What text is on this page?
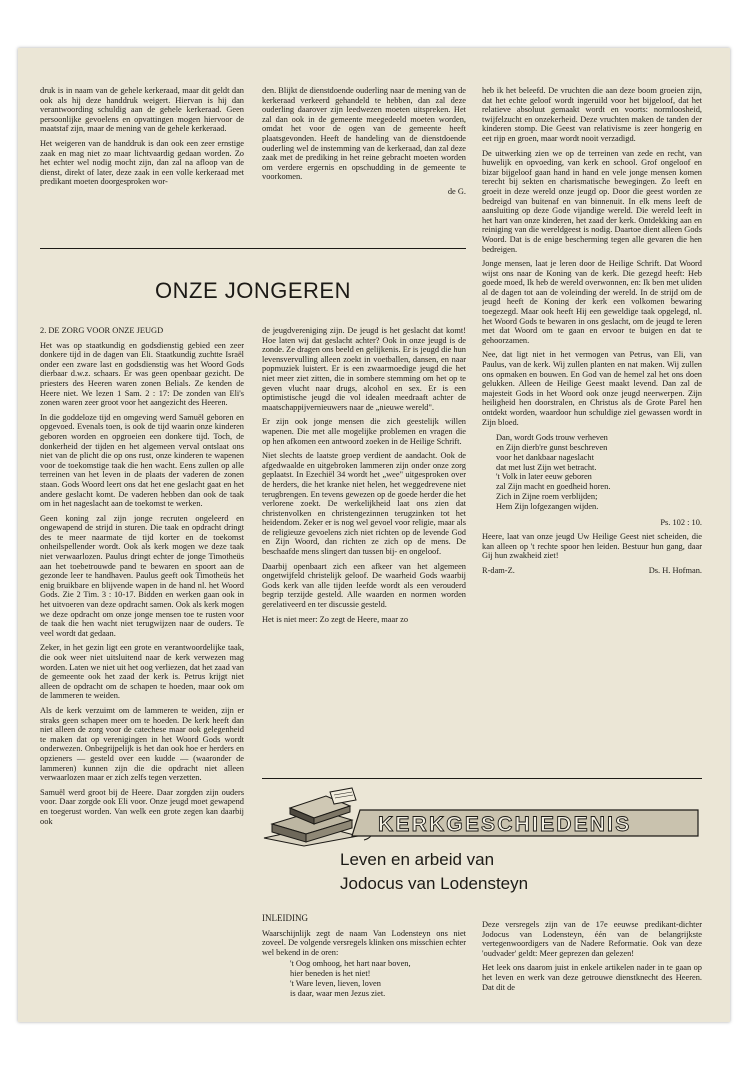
druk is in naam van de gehele kerkeraad, maar dit geldt dan ook als hij deze handdruk weigert. Hiervan is hij dan verantwoording schuldig aan de gehele kerkeraad. Geen persoonlijke gevoelens en opvattingen mogen hiervoor de maatstaf zijn, maar de mening van de gehele kerkeraad.

Het weigeren van de handdruk is dan ook een zeer ernstige zaak en mag niet zo maar lichtvaardig gedaan worden. Zo het echter wel nodig mocht zijn, dan zal na afloop van de dienst, direkt of later, deze zaak in een volle kerkeraad met predikant moeten doorgesproken wor-

den. Blijkt de dienstdoende ouderling naar de mening van de kerkeraad verkeerd gehandeld te hebben, dan zal deze ouderling daarover zijn leedwezen moeten uitspreken. Het zal dan ook in de gemeente meegedeeld moeten worden, omdat het voor de ogen van de gemeente heeft plaatsgevonden. Heeft de handeling van de dienstdoende ouderling wel de instemming van de kerkeraad, dan zal deze zaak met de prediking in het reine gebracht moeten worden om verdere ergernis en opschudding in de gemeente te voorkomen.

de G.

ONZE JONGEREN

heb ik het beleefd. De vruchten die aan deze boom groeien zijn, dat het echte geloof wordt ingeruild voor het bijgeloof, dat het relatieve absoluut gemaakt wordt en voorts: normloosheid, twijfelzucht en onzekerheid. Deze vruchten maken de tanden der kinderen stomp. Die Geest van relativisme is zeer hongerig en eet rijp en groen, maar wordt nooit verzadigd.

De uitwerking zien we op de terreinen van zede en recht, van huwelijk en opvoeding, van kerk en school. Grof ongeloof en bizar bijgeloof gaan hand in hand en vele jonge mensen komen terecht bij sekten en charismatische bewegingen. Zo leeft en groeit in deze wereld onze jeugd op. Door die geest worden ze bedreigd van buitenaf en van binnenuit. In elk mens leeft de aansluiting op deze Gode vijandige wereld. Die wereld leeft in het hart van onze kinderen, het zaad der kerk. Ontdekking aan en reiniging van die wereldgeest is nodig. Daartoe dient alleen Gods Woord. Dat is de enige bescherming tegen alle gevaren die hen bedreigen.

Jonge mensen, laat je leren door de Heilige Schrift. Dat Woord wijst ons naar de Koning van de kerk. Die gezegd heeft: Heb goede moed, Ik heb de wereld overwonnen, en: Ik ben met uliden al de dagen tot aan de voleinding der wereld. In de strijd om de jeugd heeft de Koning der kerk een volkomen bewaring toegezegd. Maar ook heeft Hij een geweldige taak opgelegd, nl. het Woord Gods te bewaren in ons geslacht, om de jeugd te leren met dat Woord om te gaan en ervoor te buigen en dat te gehoorzamen.

Nee, dat ligt niet in het vermogen van Petrus, van Eli, van Paulus, van de kerk. Wij zullen planten en nat maken. Wij zullen ons opmaken en bouwen. En God van de hemel zal het ons doen gelukken. Alleen de Heilige Geest maakt levend. Dan zal de majesteit Gods in het Woord ook onze jeugd neerwerpen. Zijn heiligheid hen doorstralen, en Christus als de Grote Parel hen ontdekt worden, waardoor hun schuldige ziel gewassen wordt in Zijn bloed.

Dan, wordt Gods trouw verheven
en Zijn dierb're gunst beschreven
voor het dankbaar nageslacht
dat met lust Zijn wet betracht.
't Volk in later eeuw geboren
zal Zijn macht en goedheid horen.
Zich in Zijne roem verblijden;
Hem Zijn lofgezangen wijden.

Ps. 102 : 10.

Heere, laat van onze jeugd Uw Heilige Geest niet scheiden, die kan alleen op 't rechte spoor hen leiden. Bestuur hun gang, daar Gij hun zwakheid ziet!

R-dam-Z.	Ds. H. Hofman.

2. DE ZORG VOOR ONZE JEUGD

Het was op staatkundig en godsdienstig gebied een zeer donkere tijd in de dagen van Eli. Staatkundig zuchtte Israël onder een zware last en godsdienstig was het Woord Gods dierbaar d.w.z. schaars. Er was geen openbaar gezicht. De priesters des Heeren waren zonen Belials. Ze kenden de Heere niet. We lezen 1 Sam. 2 : 17: De zonden van Eli's zonen waren zeer groot voor het aangezicht des Heeren.

In die goddeloze tijd en omgeving werd Samuël geboren en opgevoed. Evenals toen, is ook de tijd waarin onze kinderen geboren worden en opgroeien een donkere tijd. Toch, de donkerheid der tijden en het algemeen verval ontslaat ons niet van de plicht die op ons rust, onze kinderen te wapenen voor de toekomstige taak die hen wacht. Eens zullen op alle terreinen van het leven in de plaats der vaderen de zonen staan. Gods Woord leert ons dat het ene geslacht gaat en het andere geslacht komt. De vaderen hebben dan ook de taak om in het nageslacht aan de toekomst te werken.

Geen koning zal zijn jonge recruten ongeleerd en ongewapend de strijd in sturen. Die taak en opdracht dringt des te meer naarmate de tijd korter en de toekomst onheilspellender wordt. Ook als kerk mogen we deze taak niet verwaarlozen. Paulus dringt echter de jonge Timotheüs aan het toebetrouwde pand te bewaren en spoort aan de gezonde leer te handhaven. Paulus geeft ook Timotheüs het enig bruikbare en blijvende wapen in de hand nl. het Woord Gods. Zie 2 Tim. 3 : 10-17. Bidden en werken gaan ook in het uitvoeren van deze opdracht samen. Ook als kerk mogen we deze opdracht om onze jonge mensen toe te rusten voor de taak die hen wacht niet terugwijzen naar de ouders. Te veel wordt dat gedaan.

Zeker, in het gezin ligt een grote en verantwoordelijke taak, die ook weer niet uitsluitend naar de kerk verwezen mag worden. Laten we niet uit het oog verliezen, dat het zaad van de gemeente ook het zaad der kerk is. Petrus krijgt niet alleen de opdracht om de schapen te hoeden, maar ook om de lammeren te weiden.

Als de kerk verzuimt om de lammeren te weiden, zijn er straks geen schapen meer om te hoeden. De kerk heeft dan niet alleen de zorg voor de catechese maar ook gelegenheid te maken dat op verenigingen in het Woord Gods wordt onderwezen. Onbegrijpelijk is het dan ook hoe er herders en opzieners — gesteld over een kudde — (waaronder de lammeren) kunnen zijn die die opdracht niet alleen verwaarlozen maar er zich zelfs tegen verzetten.

Samuël werd groot bij de Heere. Daar zorgden zijn ouders voor. Daar zorgde ook Eli voor. Onze jeugd moet gewapend en toegerust worden. Van welk een grote zegen kan daarbij ook

de jeugdvereniging zijn. De jeugd is het geslacht dat komt! Hoe laten wij dat geslacht achter? Ook in onze jeugd is de zonde. Ze dragen ons beeld en gelijkenis. Er is jeugd die hun levensvervulling alleen zoekt in voetballen, dansen, en naar popmuziek luistert. Er is een zwaarmoedige jeugd die het niet meer ziet zitten, die in sombere stemming om het op te geven vlucht naar drugs, alcohol en sex. Er is een optimistische jeugd die vol idealen meedraaft achter de maatschappijvernieuwers naar de „nieuwe wereld".

Er zijn ook jonge mensen die zich geestelijk willen wapenen. Die met alle mogelijke problemen en vragen die op hen afkomen een antwoord zoeken in de Heilige Schrift.

Niet slechts de laatste groep verdient de aandacht. Ook de afgedwaalde en uitgebroken lammeren zijn onder onze zorg geplaatst. In Ezechiël 34 wordt het „wee" uitgesproken over de herders, die het kranke niet helen, het weggedrevene niet terugbrengen. En tevens gewezen op de goede herder die het verlorene zoekt. De werkelijkheid laat ons zien dat christenvolken en christengezinnen terugzinken tot het heidendom. Zeker er is nog wel gevoel voor religie, maar als de religieuze gevoelens zich niet richten op de levende God en Zijn Woord, dan richten ze zich op de mens. De beschaafde mens slingert dan tussen bij- en ongeloof.

Daarbij openbaart zich een afkeer van het algemeen ongetwijfeld christelijk geloof. De waarheid Gods waarbij Gods kerk van alle tijden leefde wordt als een verouderd begrip terzijde gesteld. Alle waarden en normen worden gerelativeerd en ter discussie gesteld.

Het is niet meer: Zo zegt de Heere, maar zo

KERKGESCHIEDENIS
Leven en arbeid van
Jodocus van Lodensteyn

INLEIDING

Waarschijnlijk zegt de naam Van Lodensteyn ons niet zoveel. De volgende versregels klinken ons misschien echter wel bekend in de oren:

't Oog omhoog, het hart naar boven,
hier beneden is het niet!
't Ware leven, lieven, loven
is daar, waar men Jezus ziet.

Deze versregels zijn van de 17e eeuwse predikant-dichter Jodocus van Lodensteyn, één van de belangrijkste vertegenwoordigers van de Nadere Reformatie. Ook van deze 'oudvader' geldt: Meer geprezen dan gelezen!

Het leek ons daarom juist in enkele artikelen nader in te gaan op het leven en werk van deze getrouwe dienstknecht des Heeren. Dat dit de
